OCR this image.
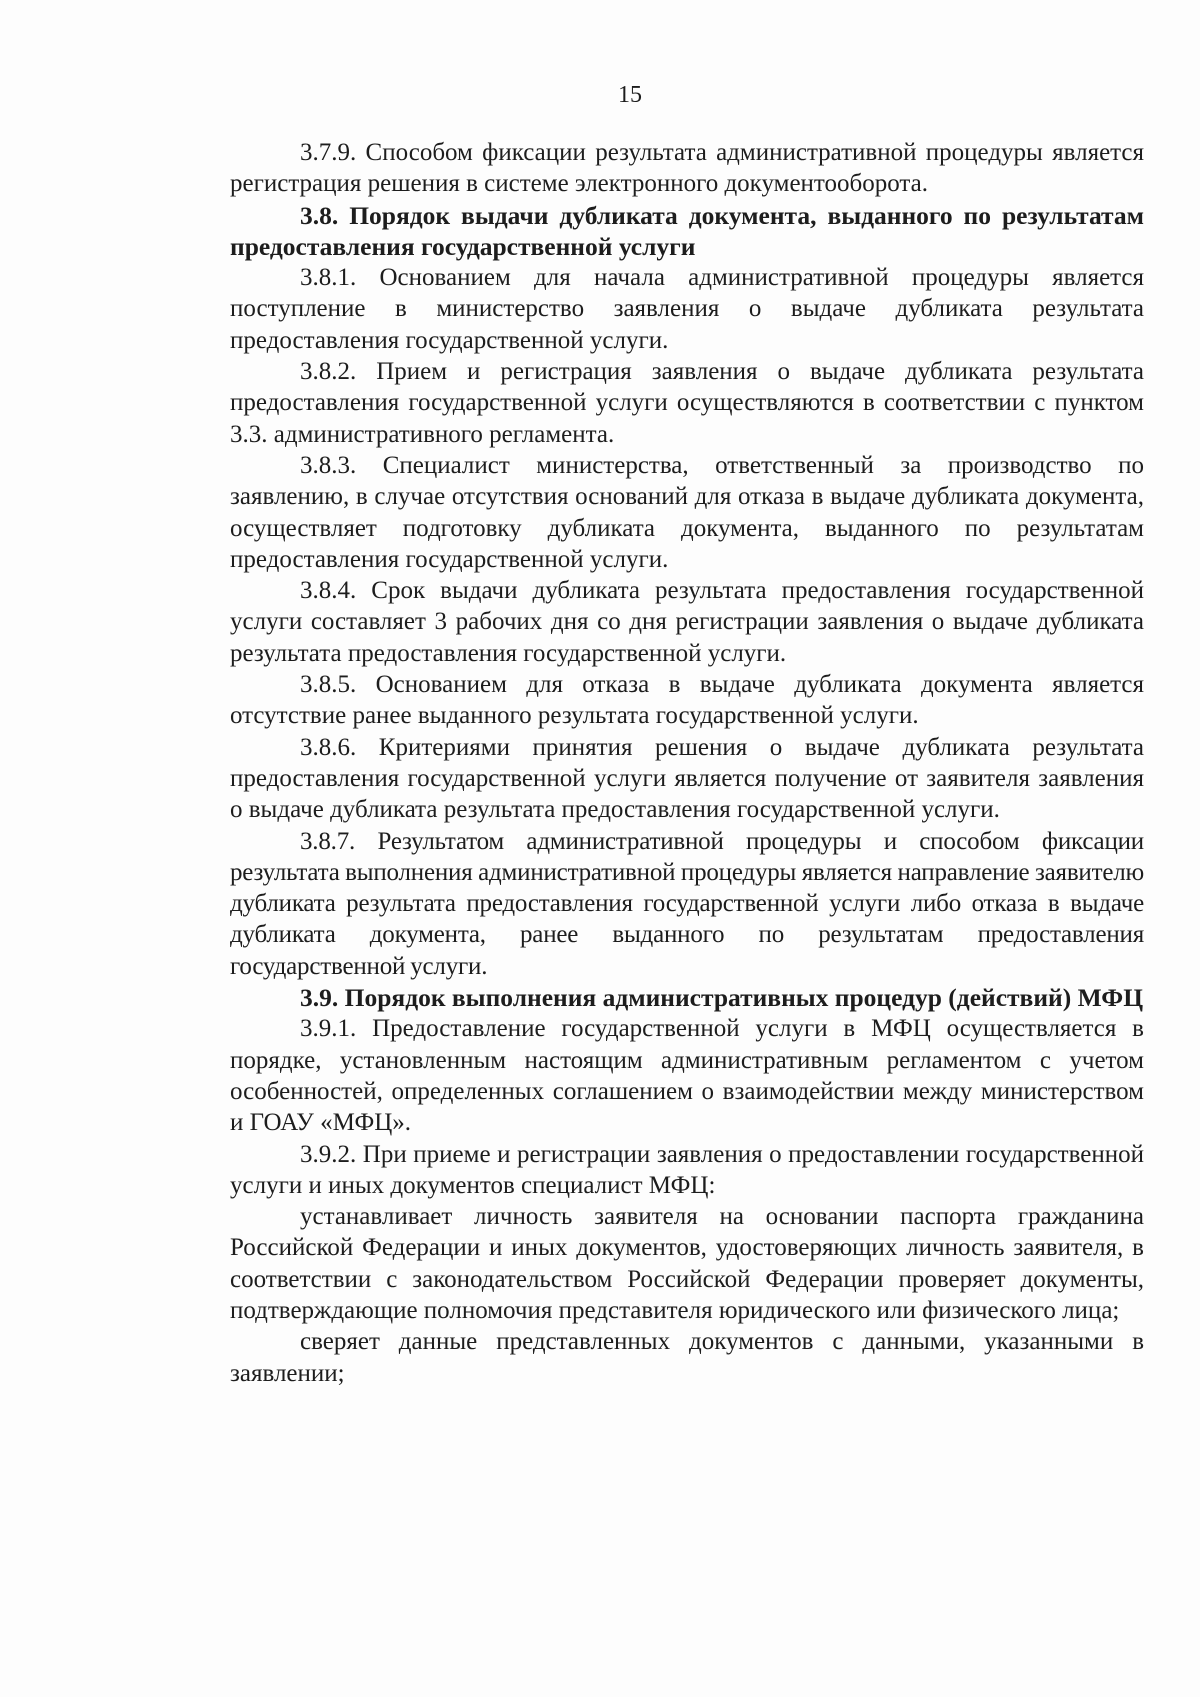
15

3.7.9. Способом фиксации результата административной процедуры является регистрация решения в системе электронного документооборота.

3.8. Порядок выдачи дубликата документа, выданного по результатам предоставления государственной услуги

3.8.1. Основанием для начала административной процедуры является поступление в министерство заявления о выдаче дубликата результата предоставления государственной услуги.

3.8.2. Прием и регистрация заявления о выдаче дубликата результата предоставления государственной услуги осуществляются в соответствии с пунктом 3.3. административного регламента.

3.8.3. Специалист министерства, ответственный за производство по заявлению, в случае отсутствия оснований для отказа в выдаче дубликата документа, осуществляет подготовку дубликата документа, выданного по результатам предоставления государственной услуги.

3.8.4. Срок выдачи дубликата результата предоставления государственной услуги составляет 3 рабочих дня со дня регистрации заявления о выдаче дубликата результата предоставления государственной услуги.

3.8.5. Основанием для отказа в выдаче дубликата документа является отсутствие ранее выданного результата государственной услуги.

3.8.6. Критериями принятия решения о выдаче дубликата результата предоставления государственной услуги является получение от заявителя заявления о выдаче дубликата результата предоставления государственной услуги.

3.8.7. Результатом административной процедуры и способом фиксации результата выполнения административной процедуры является направление заявителю дубликата результата предоставления государственной услуги либо отказа в выдаче дубликата документа, ранее выданного по результатам предоставления государственной услуги.

3.9. Порядок выполнения административных процедур (действий) МФЦ

3.9.1. Предоставление государственной услуги в МФЦ осуществляется в порядке, установленным настоящим административным регламентом с учетом особенностей, определенных соглашением о взаимодействии между министерством и ГОАУ «МФЦ».

3.9.2. При приеме и регистрации заявления о предоставлении государственной услуги и иных документов специалист МФЦ:

устанавливает личность заявителя на основании паспорта гражданина Российской Федерации и иных документов, удостоверяющих личность заявителя, в соответствии с законодательством Российской Федерации проверяет документы, подтверждающие полномочия представителя юридического или физического лица;

сверяет данные представленных документов с данными, указанными в заявлении;
